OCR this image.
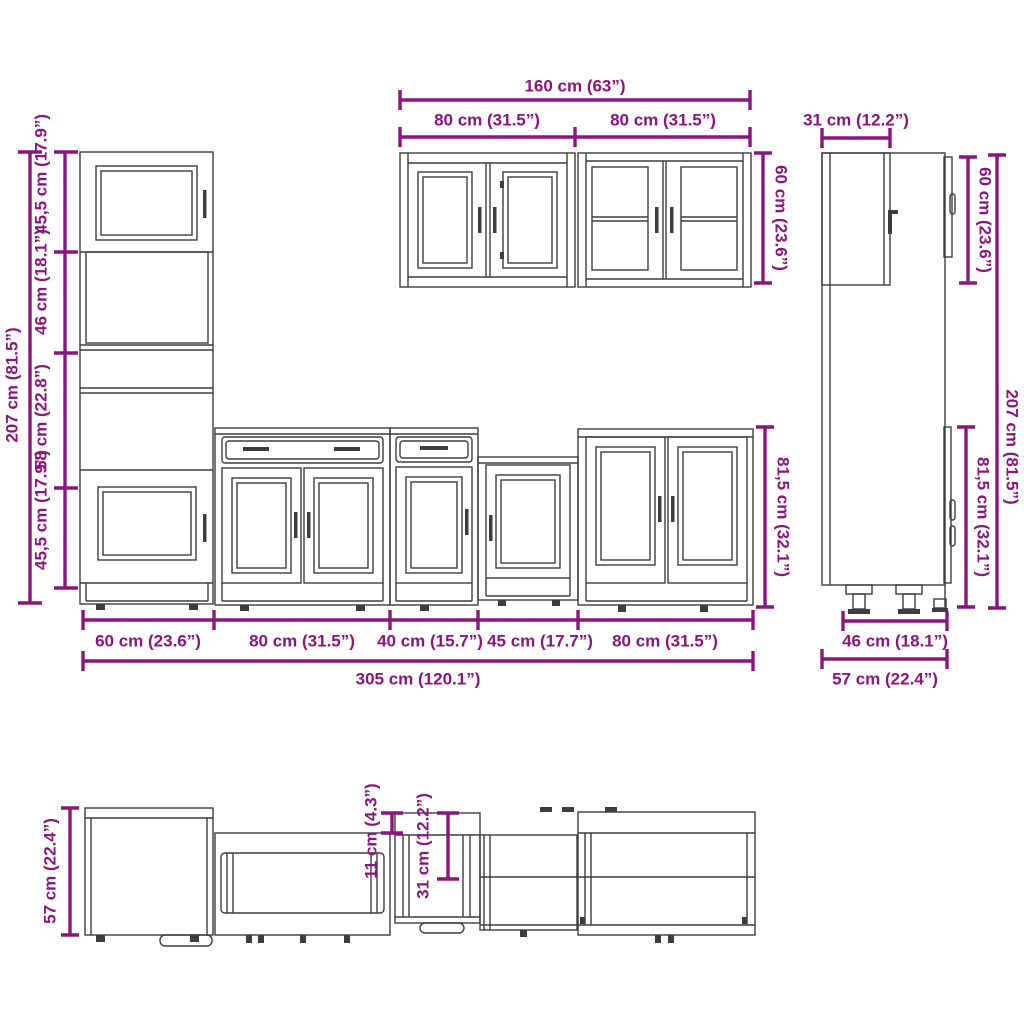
160 cm (63”)
80 cm (31.5”)	80 cm (31.5”)
60 cm (23.6”)
207 cm (81.5”)
45,5 cm (17.9”)
46 cm (18.1”)
58 cm (22.8”)
45,5 cm (17.9”)	81,5 cm (32.1”)
60 cm (23.6”)	80 cm (31.5”) 40 cm (15.7”) 45 cm (17.7”) 80 cm (31.5”)
305 cm (120.1”)
31 cm (12.2”)
60 cm (23.6”)
207 cm (81.5”)
81,5 cm (32.1”)
46 cm (18.1”)
57 cm (22.4”)
57 cm (22.4”)	11 cm (4.3”) 31 cm (12.2”)
